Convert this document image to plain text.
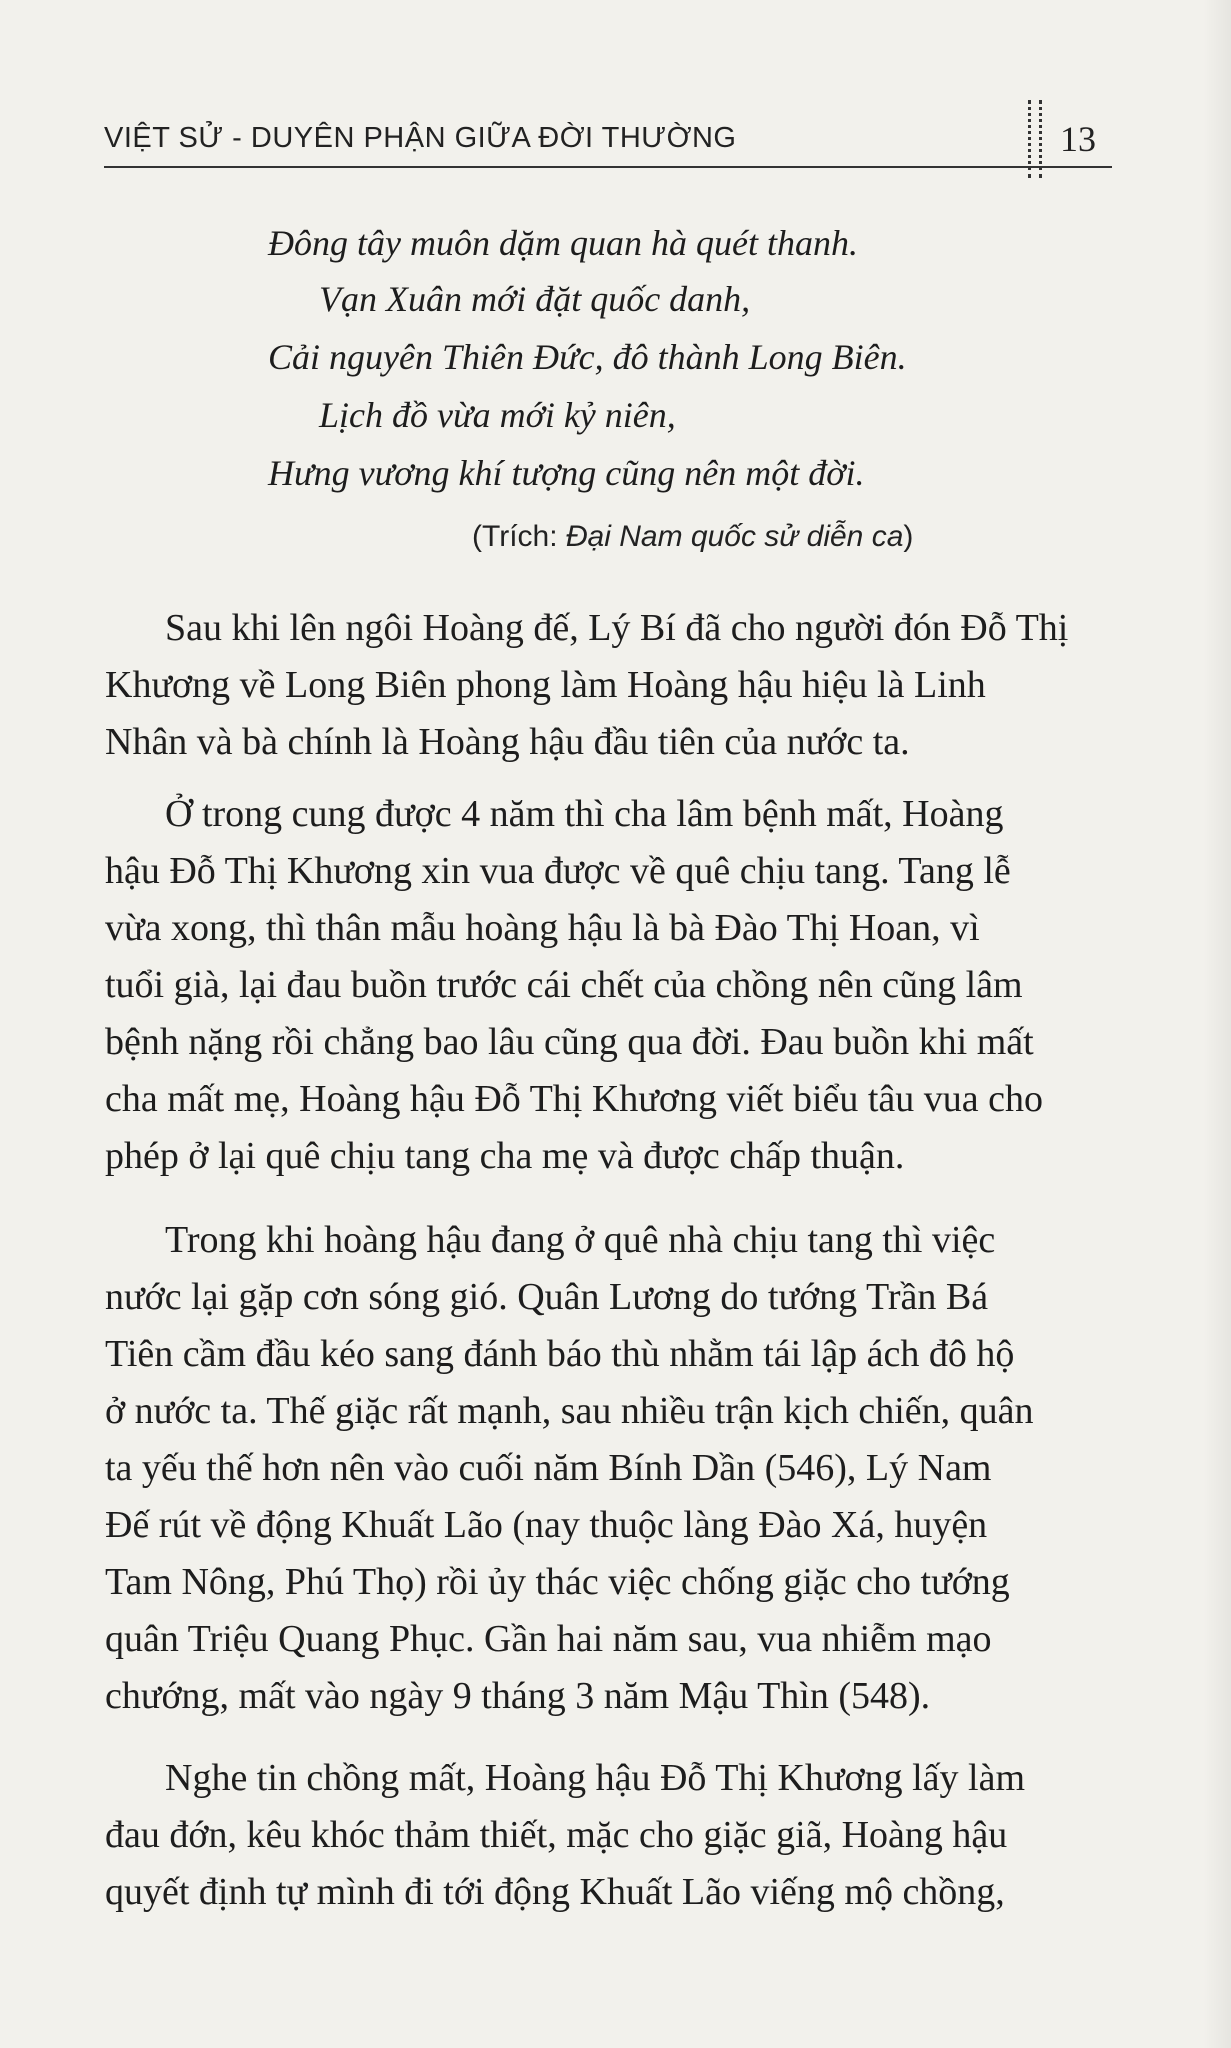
VIỆT SỬ - DUYÊN PHẬN GIỮA ĐỜI THƯỜNG	13
Đông tây muôn dặm quan hà quét thanh.
Vạn Xuân mới đặt quốc danh,
Cải nguyên Thiên Đức, đô thành Long Biên.
Lịch đồ vừa mới kỷ niên,
Hưng vương khí tượng cũng nên một đời.
(Trích: Đại Nam quốc sử diễn ca)
Sau khi lên ngôi Hoàng đế, Lý Bí đã cho người đón Đỗ Thị
Khương về Long Biên phong làm Hoàng hậu hiệu là Linh
Nhân và bà chính là Hoàng hậu đầu tiên của nước ta.
Ở trong cung được 4 năm thì cha lâm bệnh mất, Hoàng
hậu Đỗ Thị Khương xin vua được về quê chịu tang. Tang lễ
vừa xong, thì thân mẫu hoàng hậu là bà Đào Thị Hoan, vì
tuổi già, lại đau buồn trước cái chết của chồng nên cũng lâm
bệnh nặng rồi chẳng bao lâu cũng qua đời. Đau buồn khi mất
cha mất mẹ, Hoàng hậu Đỗ Thị Khương viết biểu tâu vua cho
phép ở lại quê chịu tang cha mẹ và được chấp thuận.
Trong khi hoàng hậu đang ở quê nhà chịu tang thì việc
nước lại gặp cơn sóng gió. Quân Lương do tướng Trần Bá
Tiên cầm đầu kéo sang đánh báo thù nhằm tái lập ách đô hộ
ở nước ta. Thế giặc rất mạnh, sau nhiều trận kịch chiến, quân
ta yếu thế hơn nên vào cuối năm Bính Dần (546), Lý Nam
Đế rút về động Khuất Lão (nay thuộc làng Đào Xá, huyện
Tam Nông, Phú Thọ) rồi ủy thác việc chống giặc cho tướng
quân Triệu Quang Phục. Gần hai năm sau, vua nhiễm mạo
chướng, mất vào ngày 9 tháng 3 năm Mậu Thìn (548).
Nghe tin chồng mất, Hoàng hậu Đỗ Thị Khương lấy làm
đau đớn, kêu khóc thảm thiết, mặc cho giặc giã, Hoàng hậu
quyết định tự mình đi tới động Khuất Lão viếng mộ chồng,
